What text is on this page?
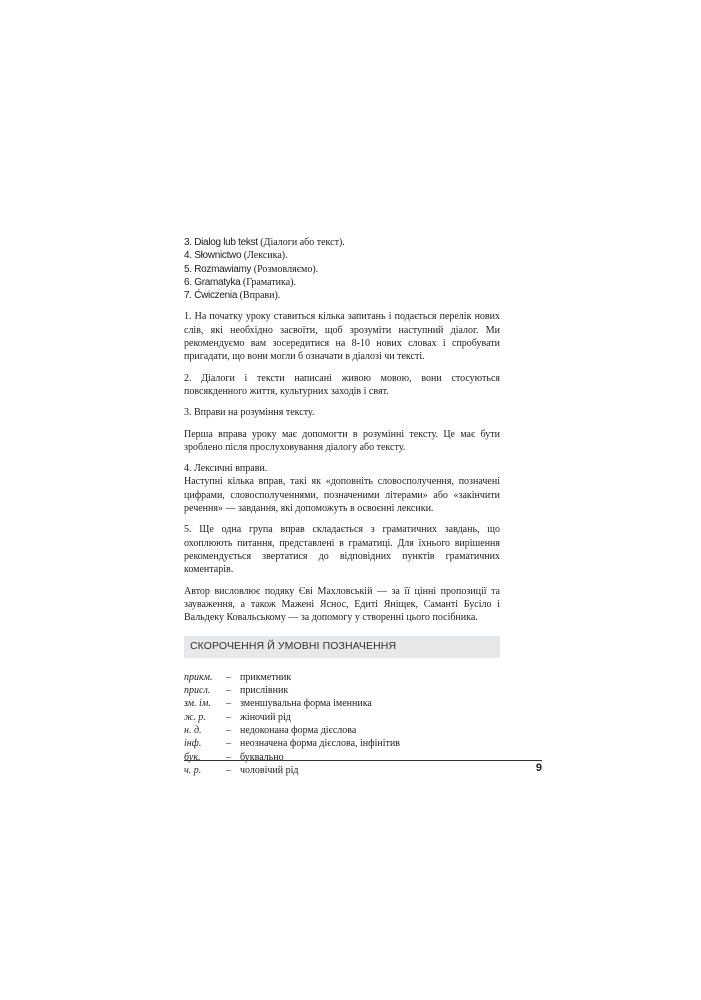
3. Dialog lub tekst (Діалоги або текст).
4. Słownictwo (Лексика).
5. Rozmawiamy (Розмовляємо).
6. Gramatyka (Граматика).
7. Ćwiczenia (Вправи).

1. На початку уроку ставиться кілька запитань і подається перелік нових слів, які необхідно засвоїти, щоб зрозуміти наступний діалог. Ми рекомендуємо вам зосередитися на 8-10 нових словах і спробувати пригадати, що вони могли б означати в діалозі чи тексті.

2. Діалоги і тексти написані живою мовою, вони стосуються повсякденного життя, культурних заходів і свят.

3. Вправи на розуміння тексту.

Перша вправа уроку має допомогти в розумінні тексту. Це має бути зроблено після прослуховування діалогу або тексту.

4. Лексичні вправи.

Наступні кілька вправ, такі як «доповніть словосполучення, позначені цифрами, словосполученнями, позначеними літерами» або «закінчити речення» — завдання, які допоможуть в освоєнні лексики.

5. Ще одна група вправ складається з граматичних завдань, що охоплюють питання, представлені в граматиці. Для їхнього вирішення рекомендується звертатися до відповідних пунктів граматичних коментарів.

Автор висловлює подяку Єві Махловській — за її цінні пропозиції та зауваження, а також Мажені Яснос, Едиті Яніщек, Саманті Бусіло і Вальдеку Ковальському — за допомогу у створенні цього посібника.

СКОРОЧЕННЯ Й УМОВНІ ПОЗНАЧЕННЯ
прикм.	– прикметник
присл.	– прислівник
зм. ім.	– зменшувальна форма іменника
ж. р.	– жіночий рід
н. д.	– недоконана форма дієслова
інф.	– неозначена форма дієслова, інфінітив
бук.	– буквально
ч. р.	– чоловічий рід	9
